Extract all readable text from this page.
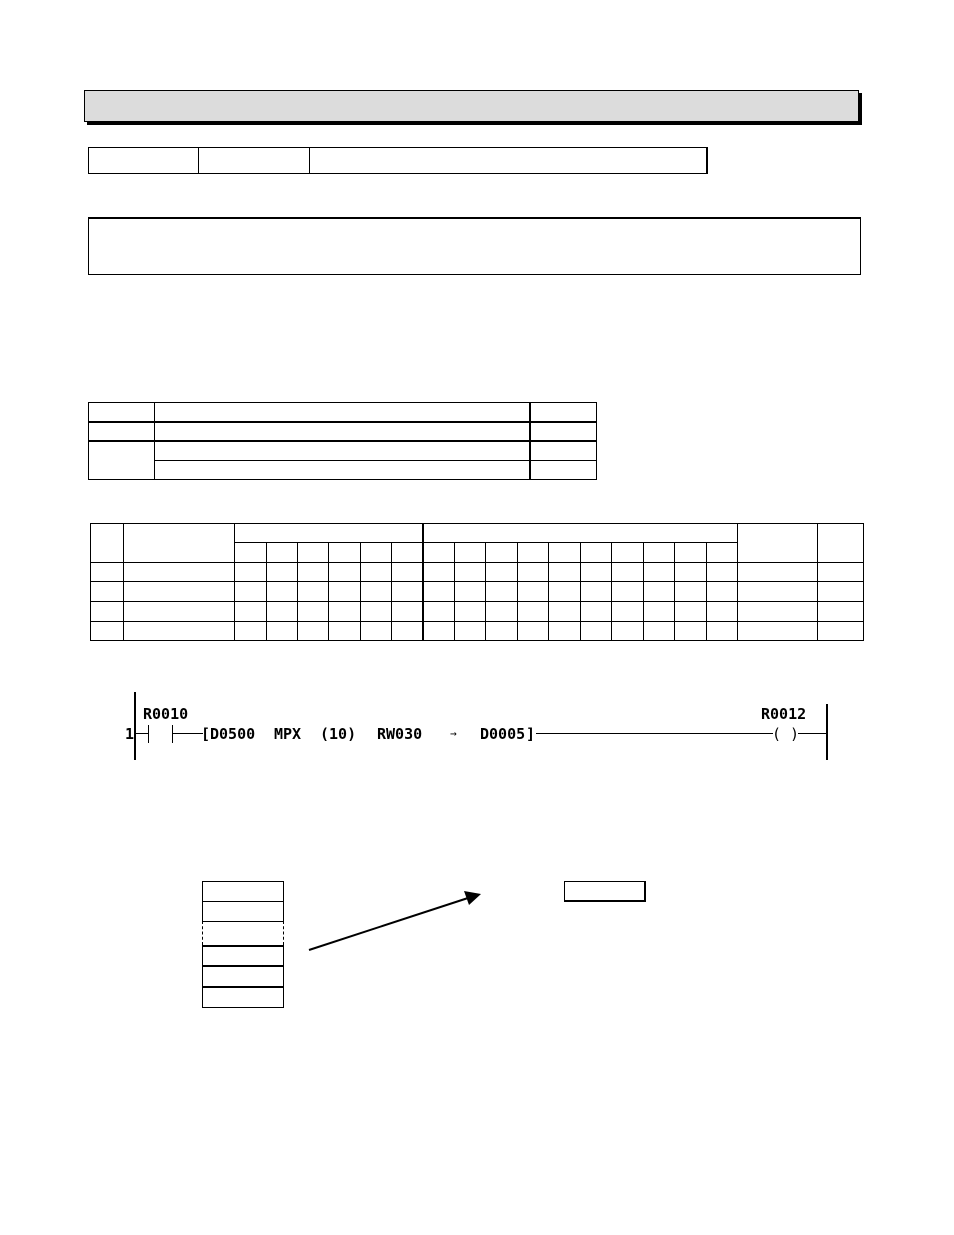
1
R0010
[ D0500 MPX (10) RW030	→ D0005 ]
R0012
( )
